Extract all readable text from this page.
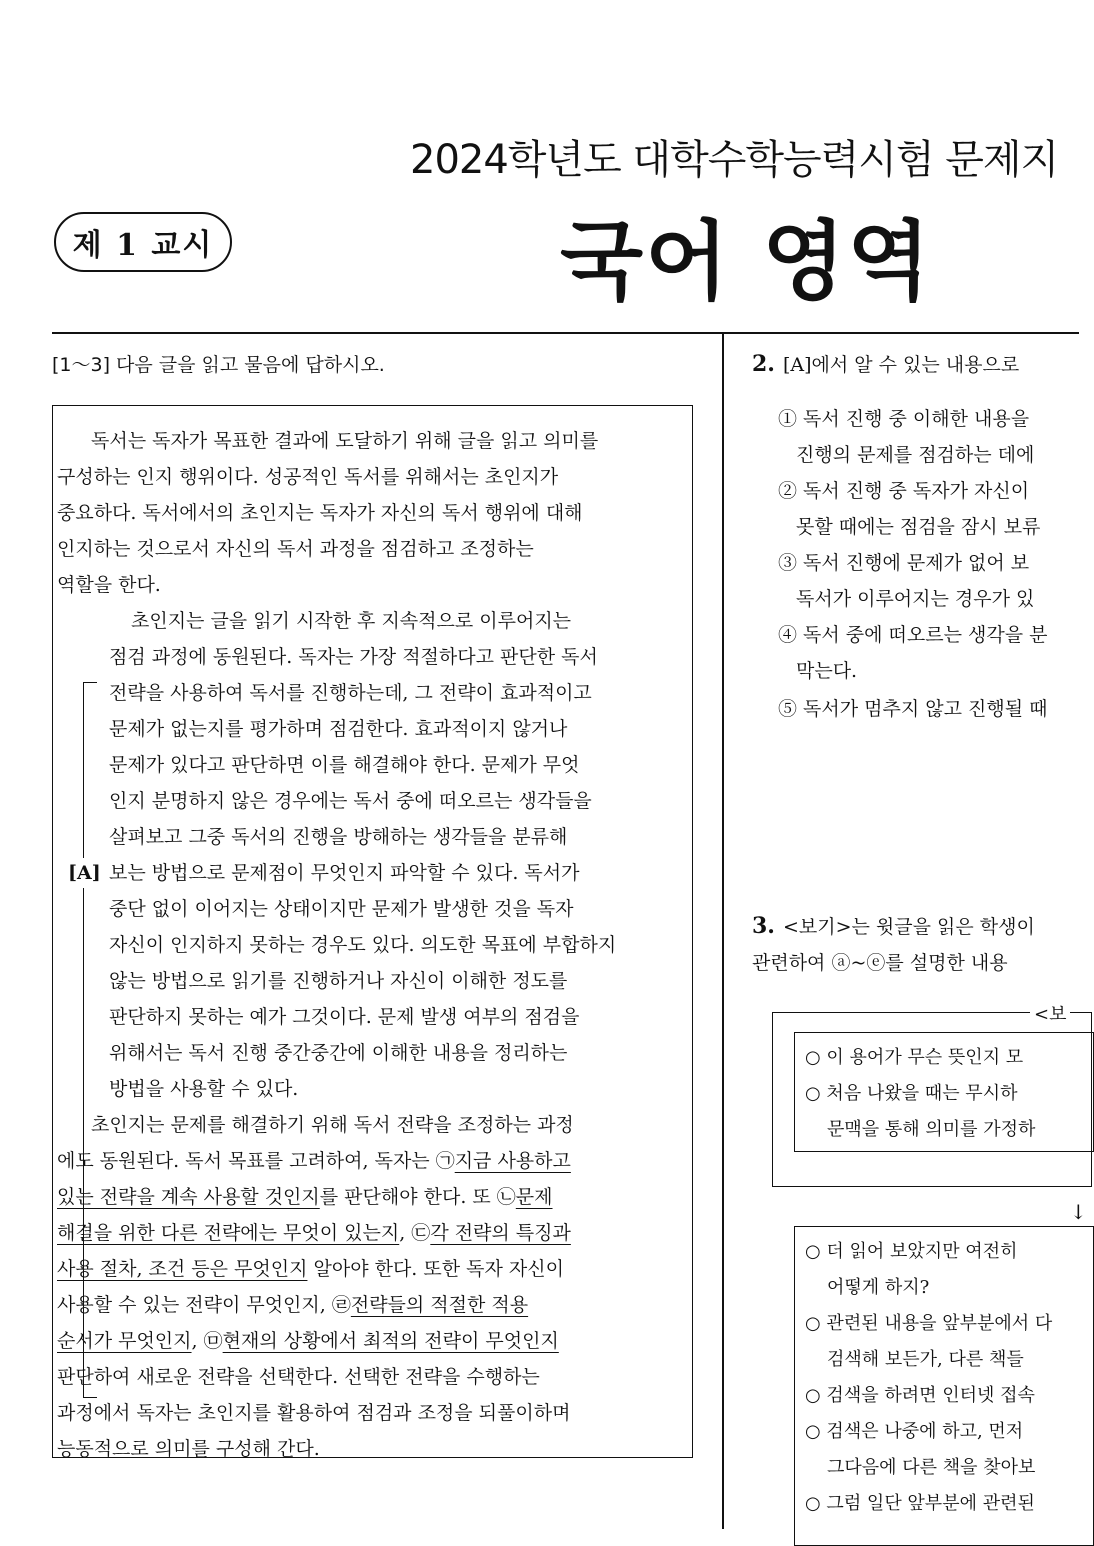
2024학년도 대학수학능력시험 문제지
제 1 교시	국어 영역
[1～3] 다음 글을 읽고 물음에 답하시오.
독서는 독자가 목표한 결과에 도달하기 위해 글을 읽고 의미를
구성하는 인지 행위이다. 성공적인 독서를 위해서는 초인지가
중요하다. 독서에서의 초인지는 독자가 자신의 독서 행위에 대해
인지하는 것으로서 자신의 독서 과정을 점검하고 조정하는
역할을 한다.
[A]
초인지는 글을 읽기 시작한 후 지속적으로 이루어지는
점검 과정에 동원된다. 독자는 가장 적절하다고 판단한 독서
전략을 사용하여 독서를 진행하는데, 그 전략이 효과적이고
문제가 없는지를 평가하며 점검한다. 효과적이지 않거나
문제가 있다고 판단하면 이를 해결해야 한다. 문제가 무엇
인지 분명하지 않은 경우에는 독서 중에 떠오르는 생각들을
살펴보고 그중 독서의 진행을 방해하는 생각들을 분류해
보는 방법으로 문제점이 무엇인지 파악할 수 있다. 독서가
중단 없이 이어지는 상태이지만 문제가 발생한 것을 독자
자신이 인지하지 못하는 경우도 있다. 의도한 목표에 부합하지
않는 방법으로 읽기를 진행하거나 자신이 이해한 정도를
판단하지 못하는 예가 그것이다. 문제 발생 여부의 점검을
위해서는 독서 진행 중간중간에 이해한 내용을 정리하는
방법을 사용할 수 있다.
초인지는 문제를 해결하기 위해 독서 전략을 조정하는 과정
에도 동원된다. 독서 목표를 고려하여, 독자는 ㉠지금 사용하고
있는 전략을 계속 사용할 것인지를 판단해야 한다. 또 ㉡문제
해결을 위한 다른 전략에는 무엇이 있는지, ㉢각 전략의 특징과
사용 절차, 조건 등은 무엇인지 알아야 한다. 또한 독자 자신이
사용할 수 있는 전략이 무엇인지, ㉣전략들의 적절한 적용
순서가 무엇인지, ㉤현재의 상황에서 최적의 전략이 무엇인지
판단하여 새로운 전략을 선택한다. 선택한 전략을 수행하는
과정에서 독자는 초인지를 활용하여 점검과 조정을 되풀이하며
능동적으로 의미를 구성해 간다.
2. [A]에서 알 수 있는 내용으로
① 독서 진행 중 이해한 내용을
진행의 문제를 점검하는 데에
② 독서 진행 중 독자가 자신이
못할 때에는 점검을 잠시 보류
③ 독서 진행에 문제가 없어 보
독서가 이루어지는 경우가 있
④ 독서 중에 떠오르는 생각을 분
막는다.
⑤ 독서가 멈추지 않고 진행될 때
3. <보기>는 윗글을 읽은 학생이
관련하여 ⓐ~ⓔ를 설명한 내용
<보
○ 이 용어가 무슨 뜻인지 모
○ 처음 나왔을 때는 무시하
문맥을 통해 의미를 가정하
↓
○ 더 읽어 보았지만 여전히
어떻게 하지?
○ 관련된 내용을 앞부분에서 다
검색해 보든가, 다른 책들
○ 검색을 하려면 인터넷 접속
○ 검색은 나중에 하고, 먼저
그다음에 다른 책을 찾아보
○ 그럼 일단 앞부분에 관련된
